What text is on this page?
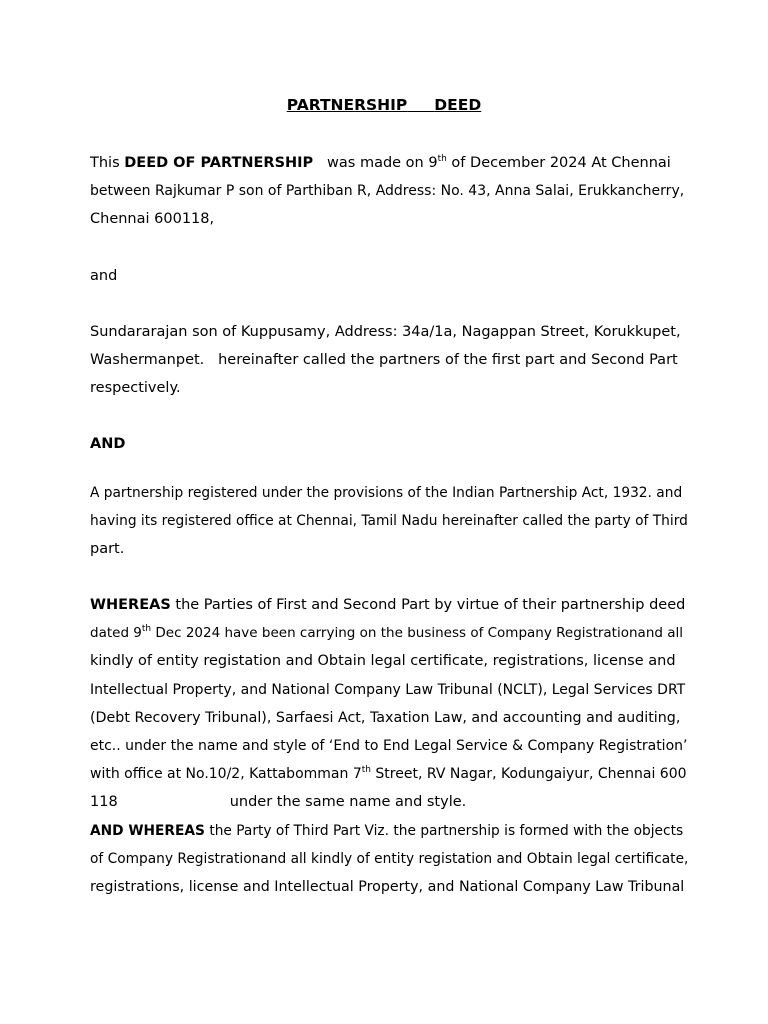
PARTNERSHIP DEED
This DEED OF PARTNERSHIP   was made on 9th of December 2024 At Chennai
between Rajkumar P son of Parthiban R, Address: No. 43, Anna Salai, Erukkancherry,
Chennai 600118,
and
Sundararajan son of Kuppusamy, Address: 34a/1a, Nagappan Street, Korukkupet,
Washermanpet.   hereinafter called the partners of the first part and Second Part
respectively.
AND
A partnership registered under the provisions of the Indian Partnership Act, 1932. and
having its registered office at Chennai, Tamil Nadu hereinafter called the party of Third
part.
WHEREAS the Parties of First and Second Part by virtue of their partnership deed
dated 9th Dec 2024 have been carrying on the business of Company Registrationand all
kindly of entity registation and Obtain legal certificate, registrations, license and
Intellectual Property, and National Company Law Tribunal (NCLT), Legal Services DRT
(Debt Recovery Tribunal), Sarfaesi Act, Taxation Law, and accounting and auditing,
etc.. under the name and style of ‘End to End Legal Service & Company Registration’
with office at No.10/2, Kattabomman 7th Street, RV Nagar, Kodungaiyur, Chennai 600
118	under the same name and style.
AND WHEREAS the Party of Third Part Viz. the partnership is formed with the objects
of Company Registrationand all kindly of entity registation and Obtain legal certificate,
registrations, license and Intellectual Property, and National Company Law Tribunal
